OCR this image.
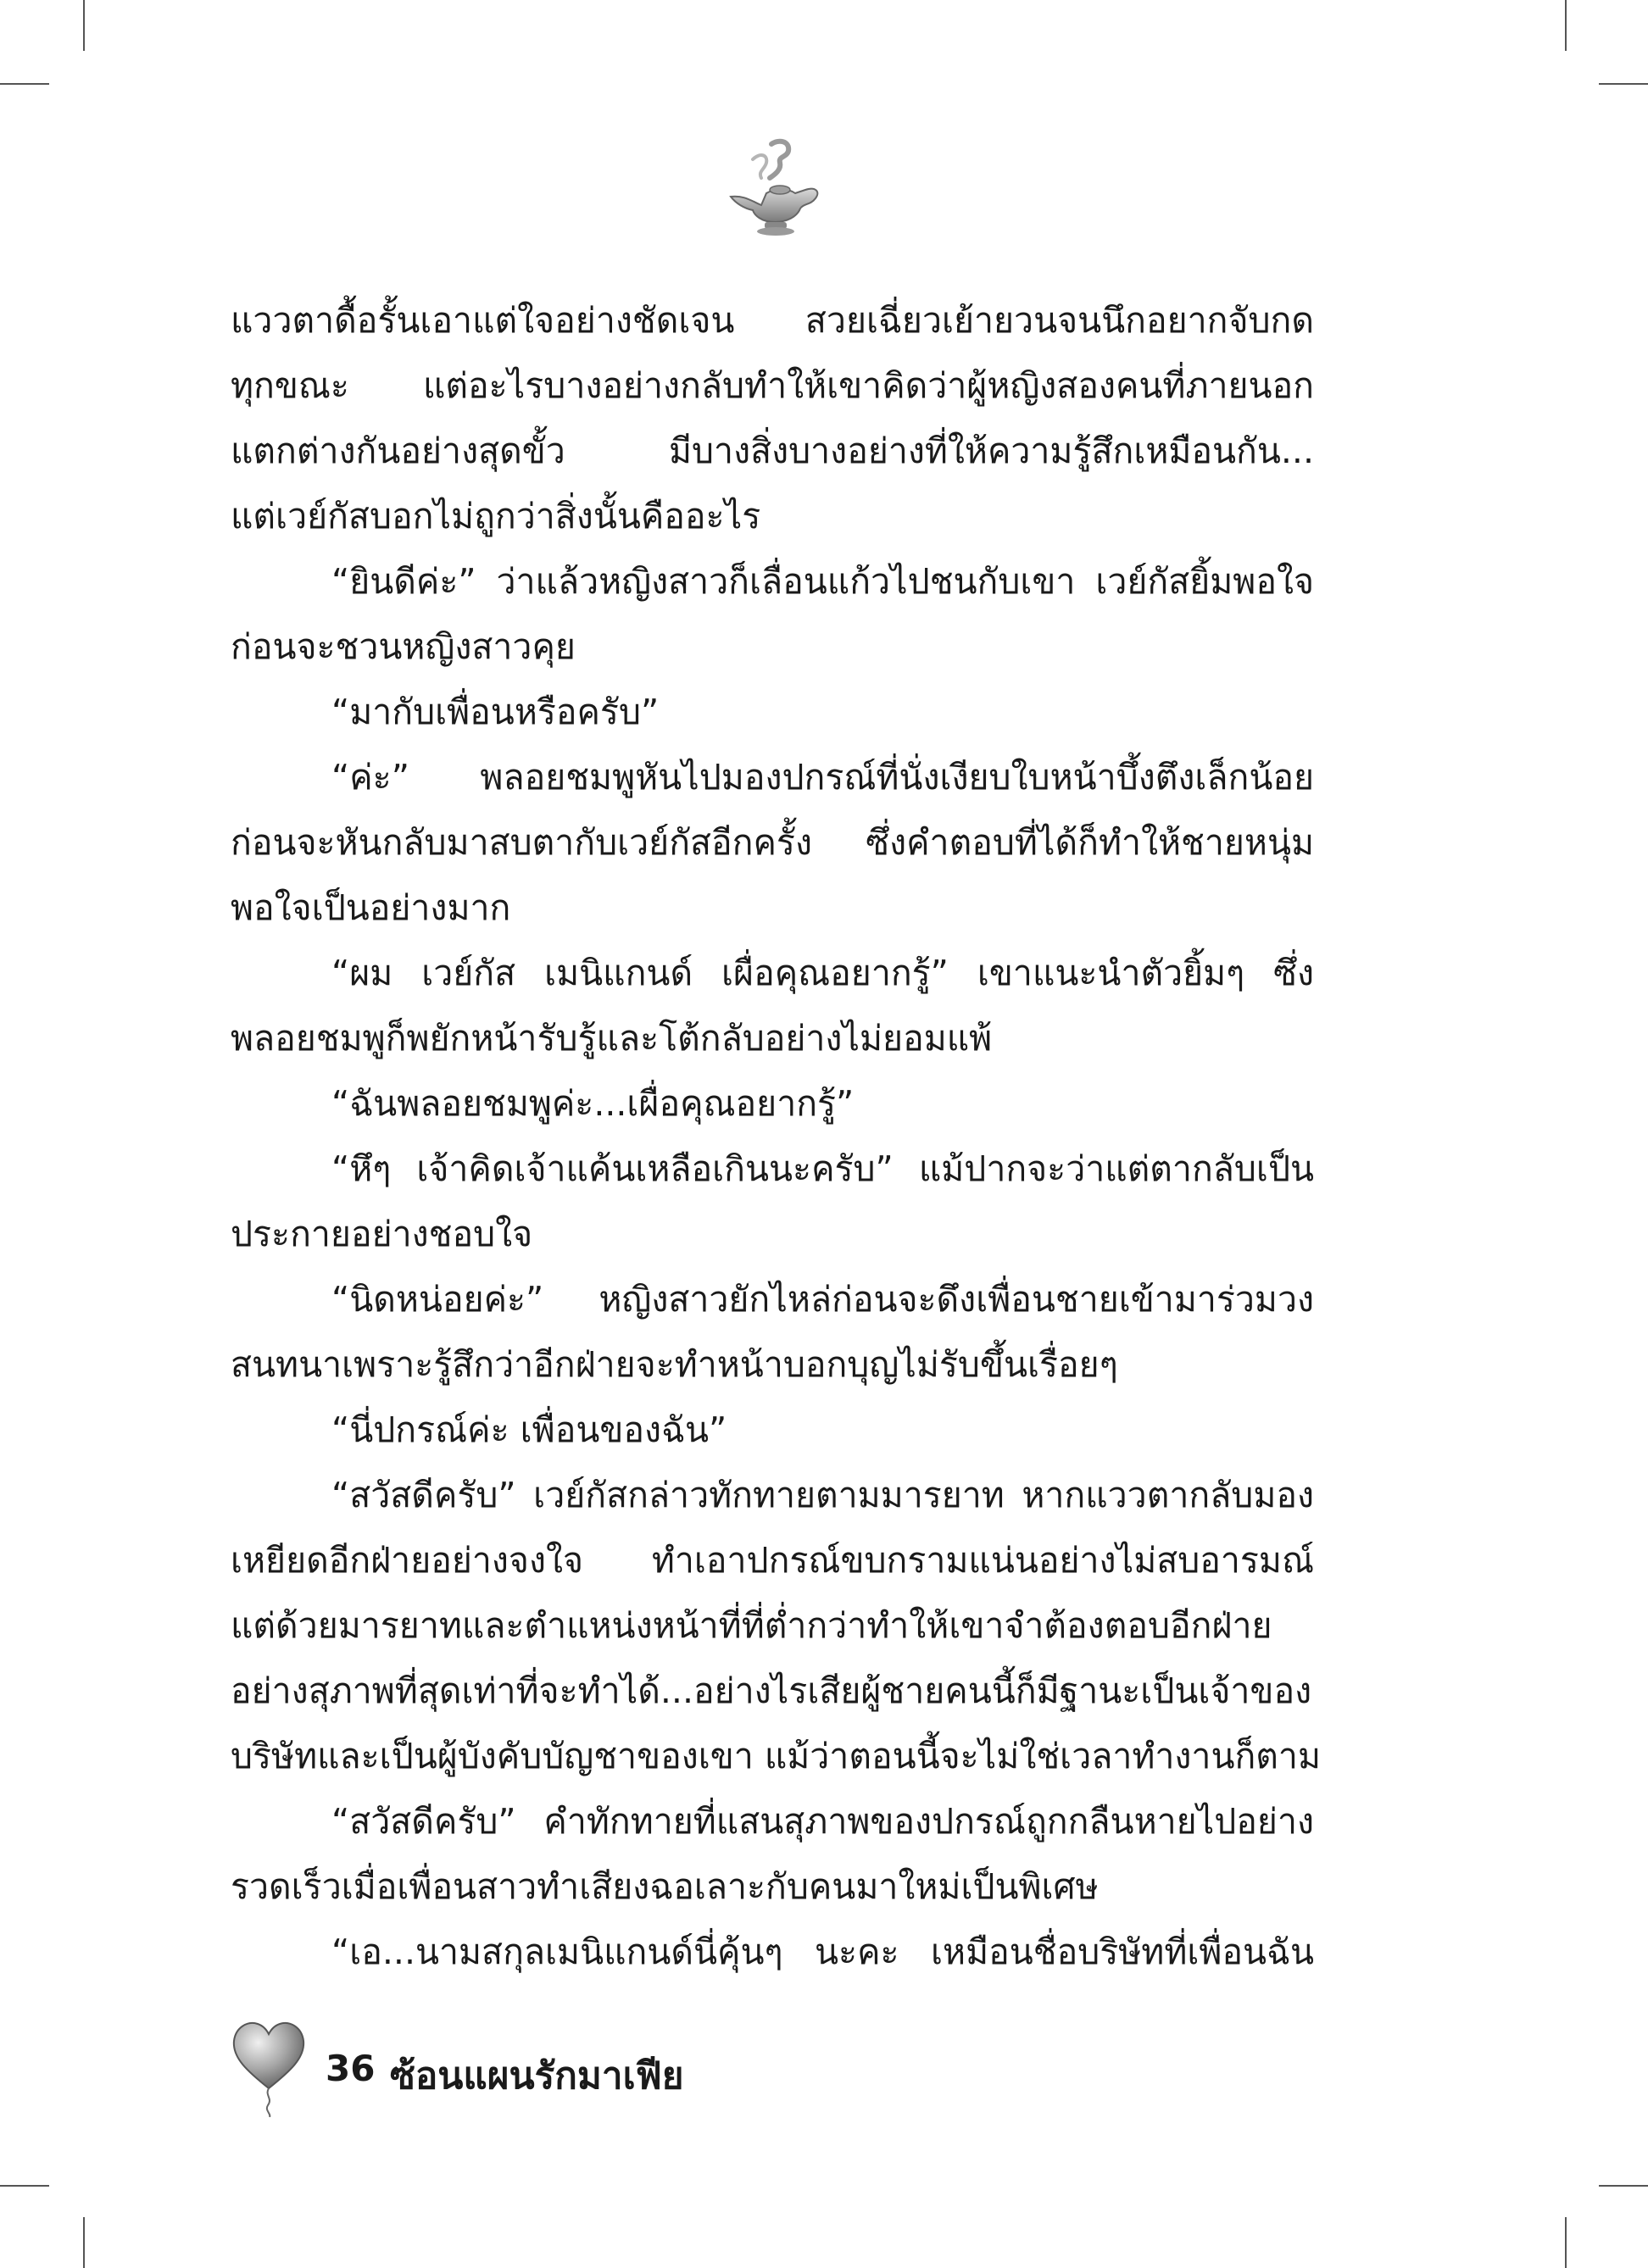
แววตาดื้อรั้นเอาแต่ใจอย่างชัดเจน สวยเฉี่ยวเย้ายวนจนนึกอยากจับกด
ทุกขณะ แต่อะไรบางอย่างกลับทำให้เขาคิดว่าผู้หญิงสองคนที่ภายนอก
แตกต่างกันอย่างสุดขั้ว มีบางสิ่งบางอย่างที่ให้ความรู้สึกเหมือนกัน...
แต่เวย์กัสบอกไม่ถูกว่าสิ่งนั้นคืออะไร
“ยินดีค่ะ” ว่าแล้วหญิงสาวก็เลื่อนแก้วไปชนกับเขา เวย์กัสยิ้มพอใจ
ก่อนจะชวนหญิงสาวคุย
“มากับเพื่อนหรือครับ”
“ค่ะ” พลอยชมพูหันไปมองปกรณ์ที่นั่งเงียบใบหน้าบึ้งตึงเล็กน้อย
ก่อนจะหันกลับมาสบตากับเวย์กัสอีกครั้ง ซึ่งคำตอบที่ได้ก็ทำให้ชายหนุ่ม
พอใจเป็นอย่างมาก
“ผม เวย์กัส เมนิแกนด์ เผื่อคุณอยากรู้” เขาแนะนำตัวยิ้มๆ ซึ่ง
พลอยชมพูก็พยักหน้ารับรู้และโต้กลับอย่างไม่ยอมแพ้
“ฉันพลอยชมพูค่ะ...เผื่อคุณอยากรู้”
“หึๆ เจ้าคิดเจ้าแค้นเหลือเกินนะครับ” แม้ปากจะว่าแต่ตากลับเป็น
ประกายอย่างชอบใจ
“นิดหน่อยค่ะ” หญิงสาวยักไหล่ก่อนจะดึงเพื่อนชายเข้ามาร่วมวง
สนทนาเพราะรู้สึกว่าอีกฝ่ายจะทำหน้าบอกบุญไม่รับขึ้นเรื่อยๆ
“นี่ปกรณ์ค่ะ เพื่อนของฉัน”
“สวัสดีครับ” เวย์กัสกล่าวทักทายตามมารยาท หากแววตากลับมอง
เหยียดอีกฝ่ายอย่างจงใจ ทำเอาปกรณ์ขบกรามแน่นอย่างไม่สบอารมณ์
แต่ด้วยมารยาทและตำแหน่งหน้าที่ที่ต่ำกว่าทำให้เขาจำต้องตอบอีกฝ่าย
อย่างสุภาพที่สุดเท่าที่จะทำได้...อย่างไรเสียผู้ชายคนนี้ก็มีฐานะเป็นเจ้าของ
บริษัทและเป็นผู้บังคับบัญชาของเขา แม้ว่าตอนนี้จะไม่ใช่เวลาทำงานก็ตาม
“สวัสดีครับ” คำทักทายที่แสนสุภาพของปกรณ์ถูกกลืนหายไปอย่าง
รวดเร็วเมื่อเพื่อนสาวทำเสียงฉอเลาะกับคนมาใหม่เป็นพิเศษ
“เอ...นามสกุลเมนิแกนด์นี่คุ้นๆ นะคะ เหมือนชื่อบริษัทที่เพื่อนฉัน
36 ซ้อนแผนรักมาเฟีย
